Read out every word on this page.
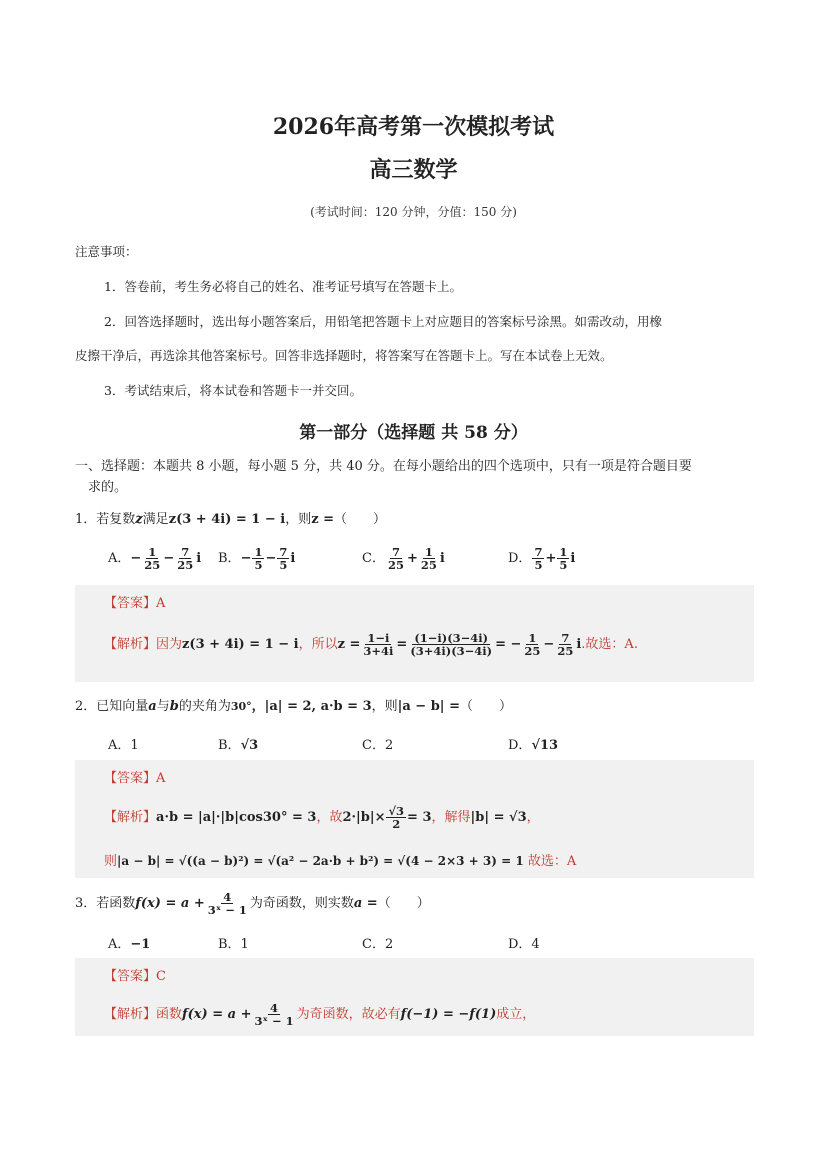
2026年高考第一次模拟考试
高三数学
(考试时间：120 分钟，分值：150 分)
注意事项：
1．答卷前，考生务必将自己的姓名、准考证号填写在答题卡上。
2．回答选择题时，选出每小题答案后，用铅笔把答题卡上对应题目的答案标号涂黑。如需改动，用橡
皮擦干净后，再选涂其他答案标号。回答非选择题时，将答案写在答题卡上。写在本试卷上无效。
3．考试结束后，将本试卷和答题卡一并交回。
第一部分（选择题 共 58 分）
一、选择题：本题共 8 小题，每小题 5 分，共 40 分。在每小题给出的四个选项中，只有一项是符合题目要
求的。
1．若复数z满足z(3 + 4i) = 1 − i，则z =（　　）
A．− $\frac{1}{25} - \frac{7}{25}$ i B．− $\frac{1}{5} - \frac{7}{5}$ i	C． $\frac{7}{25} + \frac{1}{25}$ i	D． $\frac{7}{5} + \frac{1}{5}$ i
【答案】A
【解析】因为z(3 + 4i) = 1 − i，所以$z = \frac{1-i}{3+4i} = \frac{(1-i)(3-4i)}{(3+4i)(3-4i)}$ = − $\frac{1}{25} - \frac{7}{25} i$.故选：A.
2．已知向量a与b的夹角为30°，|a| = 2, a·b = 3，则|a − b| =（　　）
A．1	B．√3	C．2	D．√13
【答案】A
【解析】a·b = |a|·|b|cos30° = 3，故$2\cdot|b|\times \frac{√3}{2} = 3$，解得|b| = √3，
则|a − b| = √((a − b)²) = √(a² − 2a·b + b²) = √(4 − 2×3 + 3) = 1 故选：A
3．若函数$f(x) = a + \frac{4}{\text{3ˣ − 1}}$ 为奇函数，则实数a =（　　）
A．−1	B．1	C．2	D．4
【答案】C
【解析】函数$f(x) = a + \frac{4}{\text{3ˣ − 1}}$ 为奇函数，故必有f(−1) = −f(1)成立，
